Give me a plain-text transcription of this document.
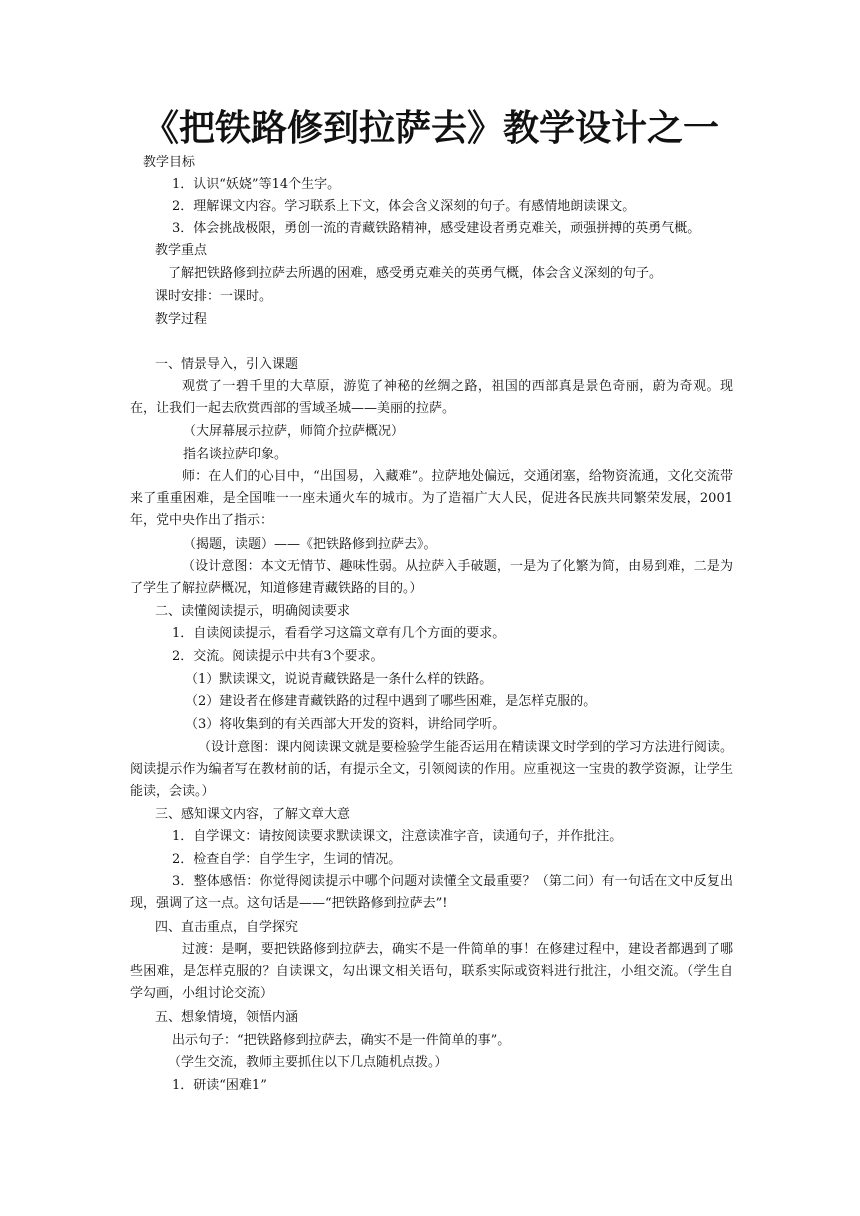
《把铁路修到拉萨去》教学设计之一
教学目标
1．认识“妖娆”等14个生字。
2．理解课文内容。学习联系上下文，体会含义深刻的句子。有感情地朗读课文。
3．体会挑战极限，勇创一流的青藏铁路精神，感受建设者勇克难关，顽强拼搏的英勇气概。
教学重点
了解把铁路修到拉萨去所遇的困难，感受勇克难关的英勇气概，体会含义深刻的句子。
课时安排：一课时。
教学过程
一、情景导入，引入课题
观赏了一碧千里的大草原，游览了神秘的丝绸之路，祖国的西部真是景色奇丽，蔚为奇观。现在，让我们一起去欣赏西部的雪域圣城——美丽的拉萨。
（大屏幕展示拉萨，师简介拉萨概况）
指名谈拉萨印象。
师：在人们的心目中，“出国易，入藏难”。拉萨地处偏远，交通闭塞，给物资流通，文化交流带来了重重困难，是全国唯一一座未通火车的城市。为了造福广大人民，促进各民族共同繁荣发展，2001年，党中央作出了指示：
（揭题，读题）——《把铁路修到拉萨去》。
（设计意图：本文无情节、趣味性弱。从拉萨入手破题，一是为了化繁为简，由易到难，二是为了学生了解拉萨概况，知道修建青藏铁路的目的。）
二、读懂阅读提示，明确阅读要求
1．自读阅读提示，看看学习这篇文章有几个方面的要求。
2．交流。阅读提示中共有3个要求。
（1）默读课文，说说青藏铁路是一条什么样的铁路。
（2）建设者在修建青藏铁路的过程中遇到了哪些困难，是怎样克服的。
（3）将收集到的有关西部大开发的资料，讲给同学听。
（设计意图：课内阅读课文就是要检验学生能否运用在精读课文时学到的学习方法进行阅读。阅读提示作为编者写在教材前的话，有提示全文，引领阅读的作用。应重视这一宝贵的教学资源，让学生能读，会读。）
三、感知课文内容，了解文章大意
1．自学课文：请按阅读要求默读课文，注意读准字音，读通句子，并作批注。
2．检查自学：自学生字，生词的情况。
3．整体感悟：你觉得阅读提示中哪个问题对读懂全文最重要？（第二问）有一句话在文中反复出现，强调了这一点。这句话是——“把铁路修到拉萨去”!
四、直击重点，自学探究
过渡：是啊，要把铁路修到拉萨去，确实不是一件简单的事！在修建过程中，建设者都遇到了哪些困难，是怎样克服的？自读课文，勾出课文相关语句，联系实际或资料进行批注，小组交流。（学生自学勾画，小组讨论交流）
五、想象情境，领悟内涵
出示句子：“把铁路修到拉萨去，确实不是一件简单的事”。
（学生交流，教师主要抓住以下几点随机点拨。）
1．研读“困难1”
